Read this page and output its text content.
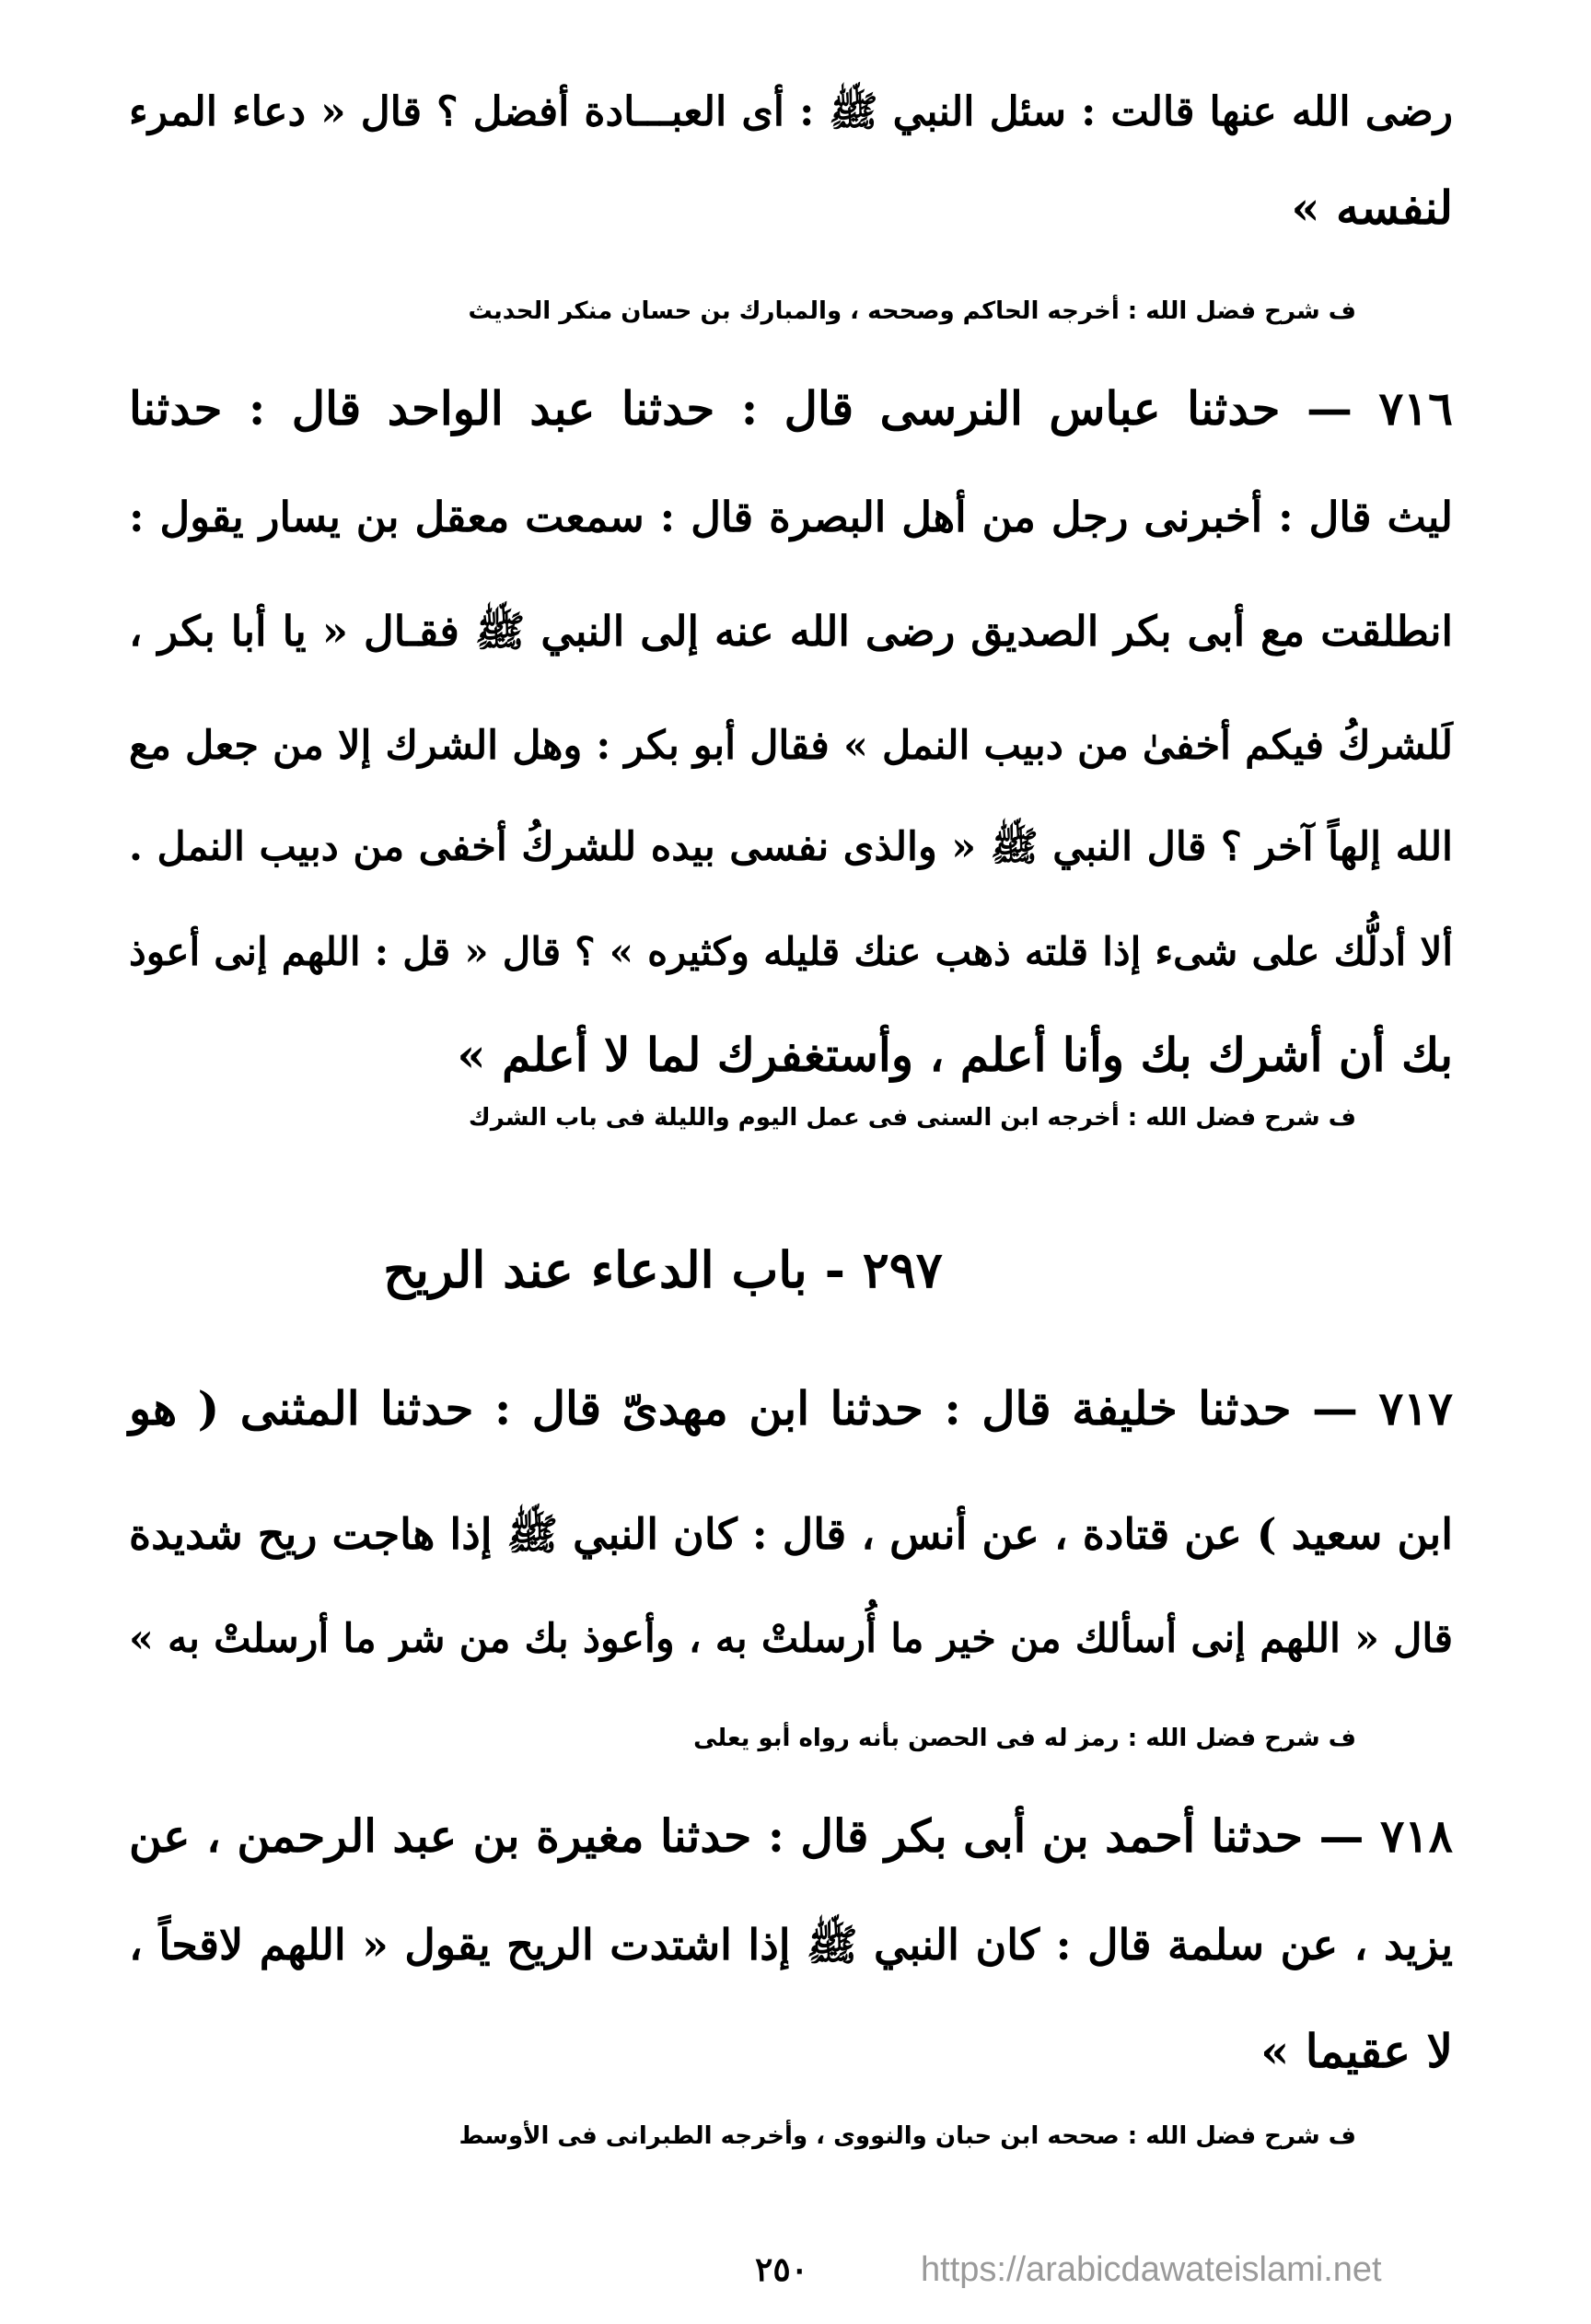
رضى الله عنها قالت : سئل النبي ﷺ : أى العبـــادة أفضل ؟ قال « دعاء المرء
لنفسه »
ف شرح فضل الله : أخرجه الحاكم وصححه ، والمبارك بن حسان منكر الحديث
٧١٦ — حدثنا عباس النرسى قال : حدثنا عبد الواحد قال : حدثنا
ليث قال : أخبرنى رجل من أهل البصرة قال : سمعت معقل بن يسار يقول :
انطلقت مع أبى بكر الصديق رضى الله عنه إلى النبي ﷺ فقـال « يا أبا بكر ،
لَلشركُ فيكم أخفىٰ من دبيب النمل » فقال أبو بكر : وهل الشرك إلا من جعل مع
الله إلهاً آخر ؟ قال النبي ﷺ « والذى نفسى بيده للشركُ أخفى من دبيب النمل .
ألا أدلُّك على شىء إذا قلته ذهب عنك قليله وكثيره » ؟ قال « قل : اللهم إنى أعوذ
بك أن أشرك بك وأنا أعلم ، وأستغفرك لما لا أعلم »
ف شرح فضل الله : أخرجه ابن السنى فى عمل اليوم والليلة فى باب الشرك
٢٩٧ - باب الدعاء عند الريح
٧١٧ — حدثنا خليفة قال : حدثنا ابن مهدىّ قال : حدثنا المثنى ( هو
ابن سعيد ) عن قتادة ، عن أنس ، قال : كان النبي ﷺ إذا هاجت ريح شديدة
قال « اللهم إنى أسألك من خير ما أُرسلتْ به ، وأعوذ بك من شر ما أرسلتْ به »
ف شرح فضل الله : رمز له فى الحصن بأنه رواه أبو يعلى
٧١٨ — حدثنا أحمد بن أبى بكر قال : حدثنا مغيرة بن عبد الرحمن ، عن
يزيد ، عن سلمة قال : كان النبي ﷺ إذا اشتدت الريح يقول « اللهم لاقحاً ،
لا عقيما »
ف شرح فضل الله : صححه ابن حبان والنووى ، وأخرجه الطبرانى فى الأوسط
٢٥٠	https://arabicdawateislami.net
